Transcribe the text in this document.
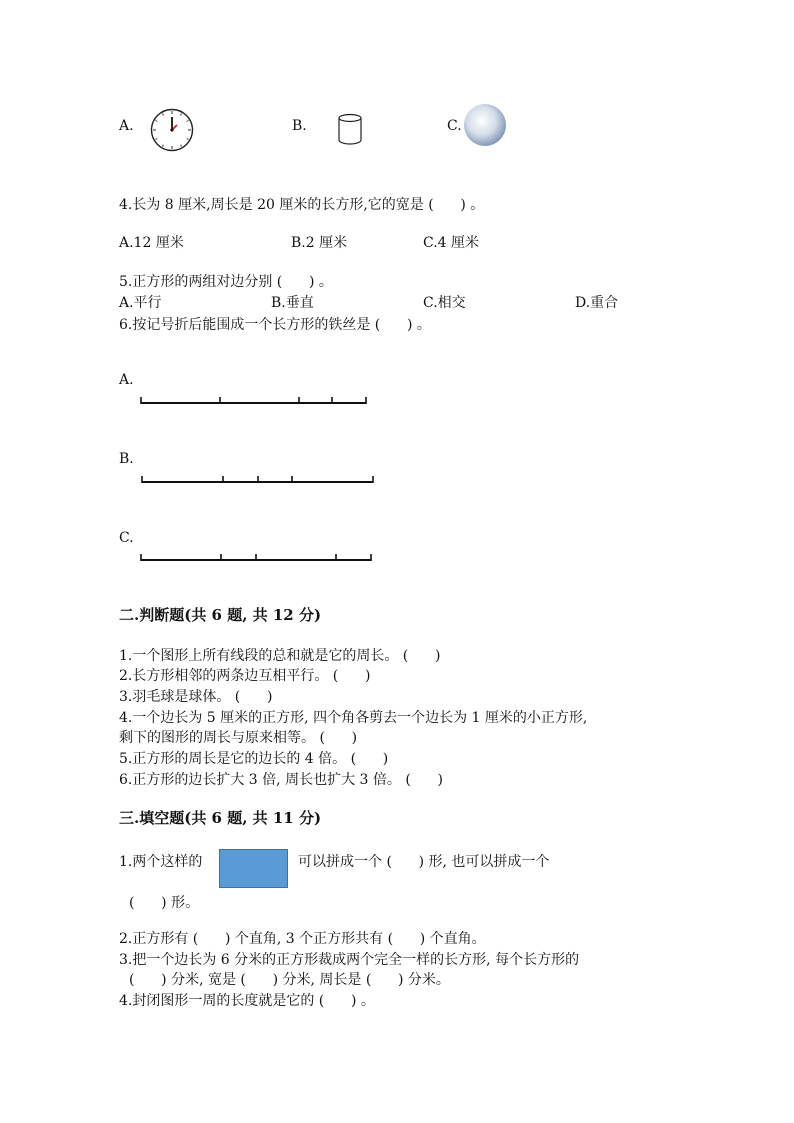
A.	B.	C.
4.长为 8 厘米,周长是 20 厘米的长方形,它的宽是 (      ) 。
A.12 厘米	B.2 厘米	C.4 厘米
5.正方形的两组对边分别 (      ) 。
A.平行	B.垂直	C.相交	D.重合
6.按记号折后能围成一个长方形的铁丝是 (      ) 。
A.
B.
C.
二.判断题(共 6 题, 共 12 分)
1.一个图形上所有线段的总和就是它的周长。 (      )
2.长方形相邻的两条边互相平行。 (      )
3.羽毛球是球体。 (      )
4.一个边长为 5 厘米的正方形, 四个角各剪去一个边长为 1 厘米的小正方形,
剩下的图形的周长与原来相等。 (      )
5.正方形的周长是它的边长的 4 倍。 (      )
6.正方形的边长扩大 3 倍, 周长也扩大 3 倍。 (      )
三.填空题(共 6 题, 共 11 分)
1.两个这样的	可以拼成一个 (      ) 形, 也可以拼成一个
(      ) 形。
2.正方形有 (      ) 个直角, 3 个正方形共有 (      ) 个直角。
3.把一个边长为 6 分米的正方形裁成两个完全一样的长方形, 每个长方形的
(      ) 分米, 宽是 (      ) 分米, 周长是 (      ) 分米。
4.封闭图形一周的长度就是它的 (      ) 。
